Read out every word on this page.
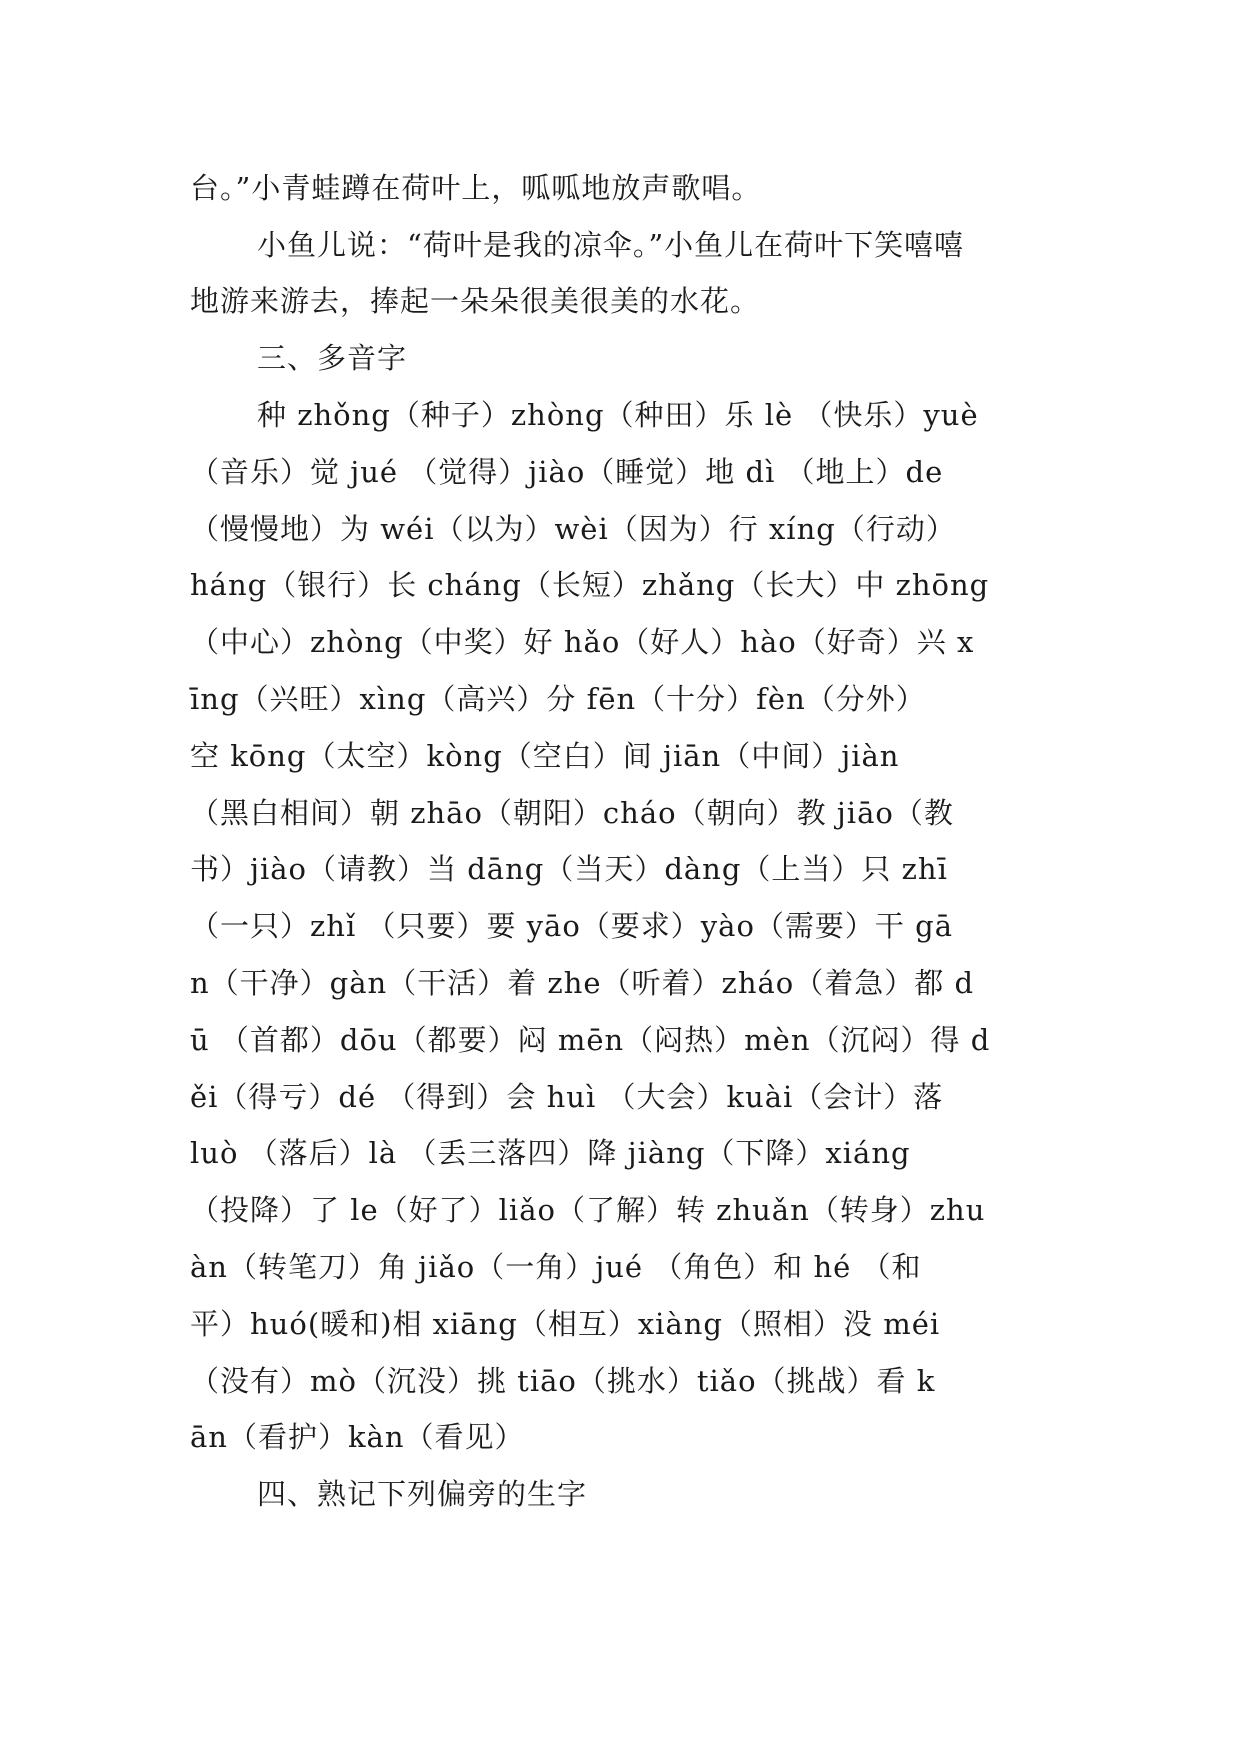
台。”小青蛙蹲在荷叶上，呱呱地放声歌唱。
小鱼儿说：“荷叶是我的凉伞。”小鱼儿在荷叶下笑嘻嘻
地游来游去，捧起一朵朵很美很美的水花。
三、多音字
种 zhǒng（种子）zhòng（种田）乐 lè （快乐）yuè
（音乐）觉 jué （觉得）jiào（睡觉）地 dì （地上）de
（慢慢地）为 wéi（以为）wèi（因为）行 xíng（行动）
háng（银行）长 cháng（长短）zhǎng（长大）中 zhōng
（中心）zhòng（中奖）好 hǎo（好人）hào（好奇）兴 x
īng（兴旺）xìng（高兴）分 fēn（十分）fèn（分外）
空 kōng（太空）kòng（空白）间 jiān（中间）jiàn
（黑白相间）朝 zhāo（朝阳）cháo（朝向）教 jiāo（教
书）jiào（请教）当 dāng（当天）dàng（上当）只 zhī
（一只）zhǐ （只要）要 yāo（要求）yào（需要）干 gā
n（干净）gàn（干活）着 zhe（听着）zháo（着急）都 d
ū （首都）dōu（都要）闷 mēn（闷热）mèn（沉闷）得 d
ěi（得亏）dé （得到）会 huì （大会）kuài（会计）落
luò （落后）là （丢三落四）降 jiàng（下降）xiáng
（投降）了 le（好了）liǎo（了解）转 zhuǎn（转身）zhu
àn（转笔刀）角 jiǎo（一角）jué （角色）和 hé （和
平）huó(暖和)相 xiāng（相互）xiàng（照相）没 méi
（没有）mò（沉没）挑 tiāo（挑水）tiǎo（挑战）看 k
ān（看护）kàn（看见）
四、熟记下列偏旁的生字
